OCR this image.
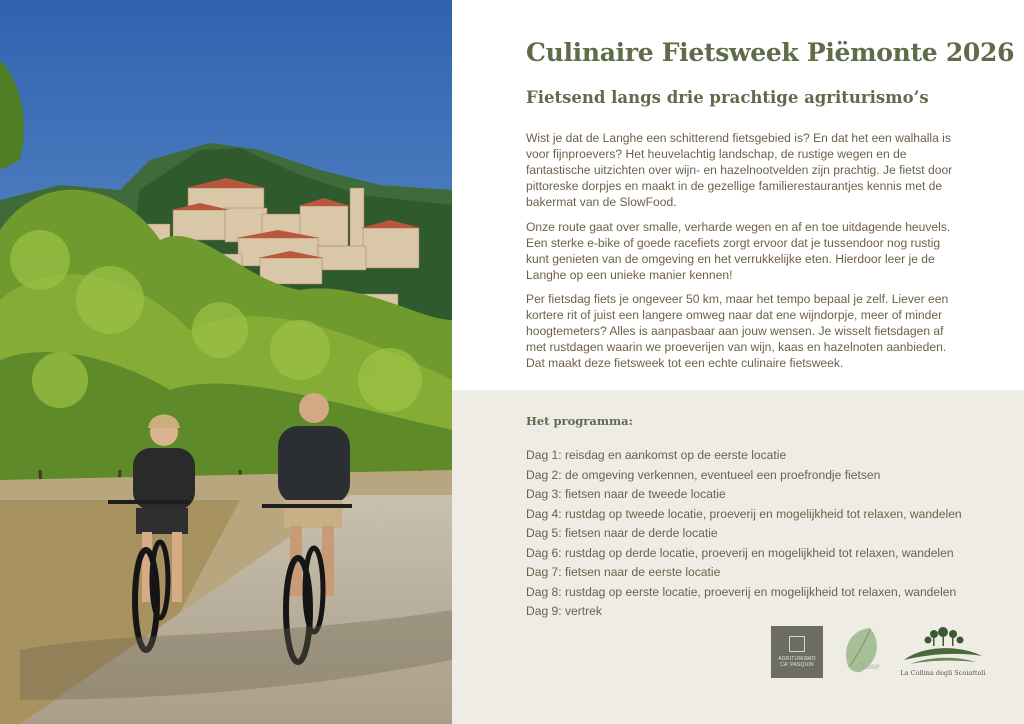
Culinaire Fietsweek Piëmonte 2026
Fietsend langs drie prachtige agriturismo’s

Wist je dat de Langhe een schitterend fietsgebied is? En dat het een walhalla is voor fijnproevers? Het heuvelachtig landschap, de rustige wegen en de fantastische uitzichten over wijn- en hazelnootvelden zijn prachtig. Je fietst door pittoreske dorpjes en maakt in de gezellige familierestaurantjes kennis met de bakermat van de SlowFood.

Onze route gaat over smalle, verharde wegen en af en toe uitdagende heuvels. Een sterke e-bike of goede racefiets zorgt ervoor dat je tussendoor nog rustig kunt genieten van de omgeving en het verrukkelijke eten. Hierdoor leer je de Langhe op een unieke manier kennen!

Per fietsdag fiets je ongeveer 50 km, maar het tempo bepaal je zelf. Liever een kortere rit of juist een langere omweg naar dat ene wijndorpje, meer of minder hoogtemeters? Alles is aanpasbaar aan jouw wensen. Je wisselt fietsdagen af met rustdagen waarin we proeverijen van wijn, kaas en hazelnoten aanbieden. Dat maakt deze fietsweek tot een echte culinaire fietsweek.

Het programma:
Dag 1: reisdag en aankomst op de eerste locatie
Dag 2: de omgeving verkennen, eventueel een proefrondje fietsen
Dag 3: fietsen naar de tweede locatie
Dag 4: rustdag op tweede locatie, proeverij en mogelijkheid tot relaxen, wandelen
Dag 5: fietsen naar de derde locatie
Dag 6: rustdag op derde locatie, proeverij en mogelijkheid tot relaxen, wandelen
Dag 7: fietsen naar de eerste locatie
Dag 8: rustdag op eerste locatie, proeverij en mogelijkheid tot relaxen, wandelen
Dag 9: vertrek
AGRITURISMO
CA' PASQUIN	Crose
La Collina degli Scoiattoli
